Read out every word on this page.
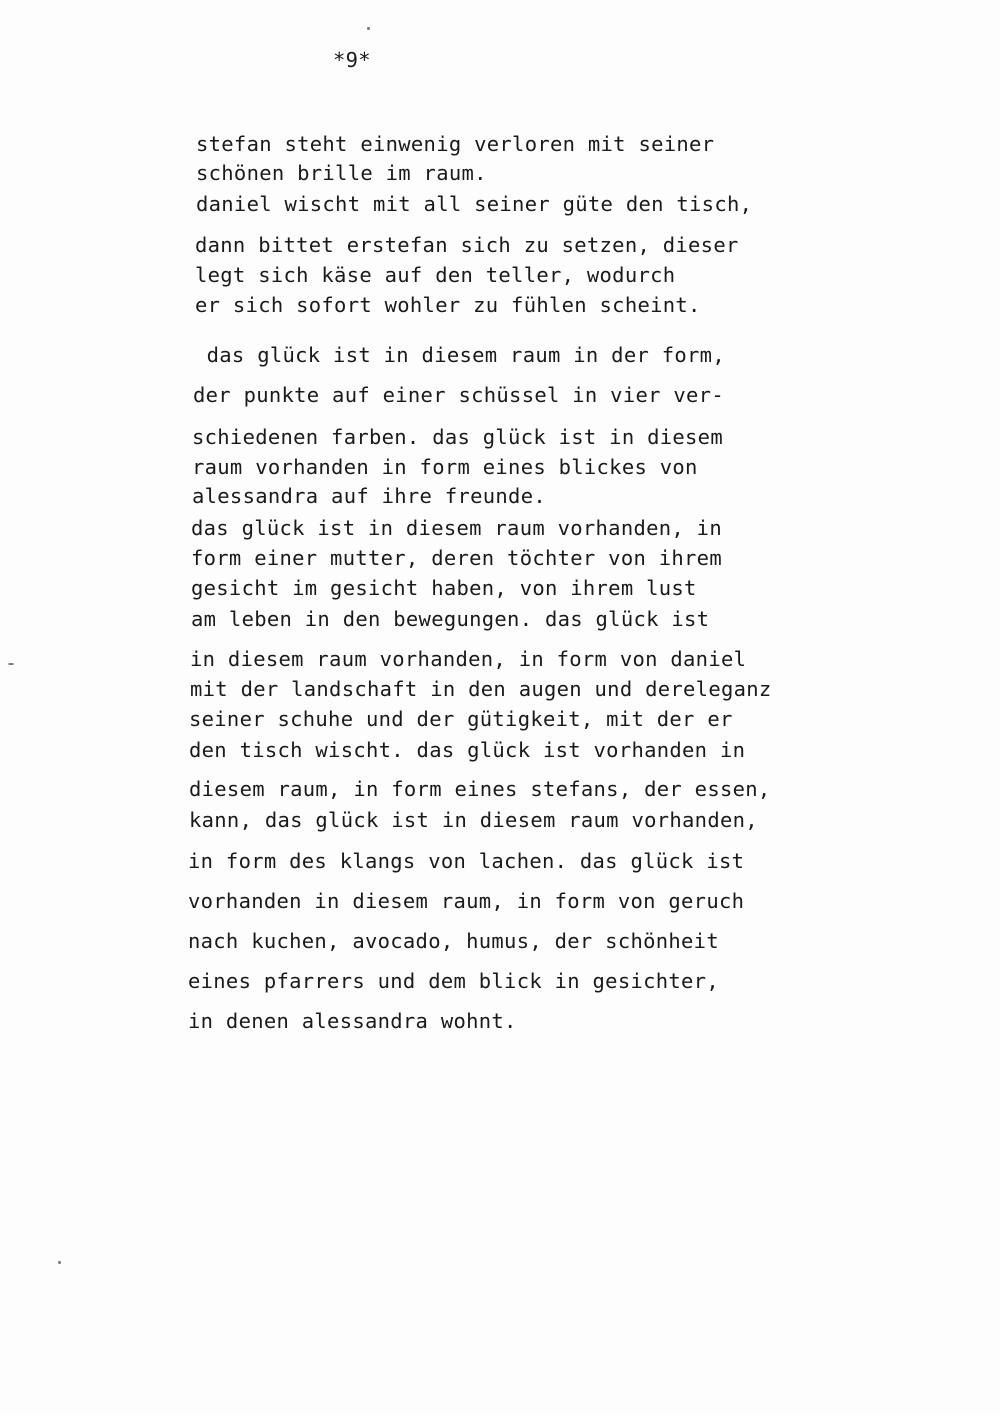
*9*
stefan steht einwenig verloren mit seiner
schönen brille im raum.
daniel wischt mit all seiner güte den tisch,
dann bittet erstefan sich zu setzen, dieser
legt sich käse auf den teller, wodurch
er sich sofort wohler zu fühlen scheint.
das glück ist in diesem raum in der form,
der punkte auf einer schüssel in vier ver-
schiedenen farben. das glück ist in diesem
raum vorhanden in form eines blickes von
alessandra auf ihre freunde.
das glück ist in diesem raum vorhanden, in
form einer mutter, deren töchter von ihrem
gesicht im gesicht haben, von ihrem lust
am leben in den bewegungen. das glück ist
in diesem raum vorhanden, in form von daniel
mit der landschaft in den augen und dereleganz
seiner schuhe und der gütigkeit, mit der er
den tisch wischt. das glück ist vorhanden in
diesem raum, in form eines stefans, der essen,
kann, das glück ist in diesem raum vorhanden,
in form des klangs von lachen. das glück ist
vorhanden in diesem raum, in form von geruch
nach kuchen, avocado, humus, der schönheit
eines pfarrers und dem blick in gesichter,
in denen alessandra wohnt.
